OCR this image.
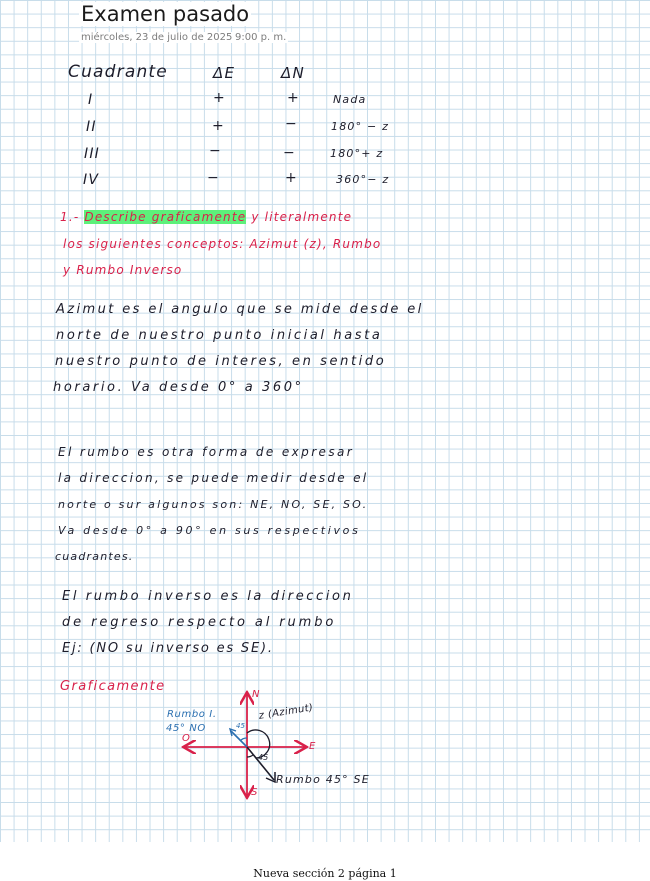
Examen pasado
miércoles, 23 de julio de 2025 9:00 p. m.
Cuadrante	ΔE	ΔN
I	+	+	Nada
II	+	−	180° − z
III	−	−	180°+ z
IV	−	+	360°− z
1.- Describe graficamente y literalmente
los siguientes conceptos: Azimut (z), Rumbo
y Rumbo Inverso
Azimut es el angulo que se mide desde el
norte de nuestro punto inicial hasta
nuestro punto de interes, en sentido
horario. Va desde 0° a 360°
El rumbo es otra forma de expresar
la direccion, se puede medir desde el
norte o sur algunos son: NE, NO, SE, SO.
Va desde 0° a 90° en sus respectivos
cuadrantes.
El rumbo inverso es la direccion
de regreso respecto al rumbo
Ej: (NO su inverso es SE).
Graficamente
N
S
E
O
Rumbo I.
45° NO	45
z (Azimut)
45
Rumbo 45° SE
Nueva sección 2 página 1
